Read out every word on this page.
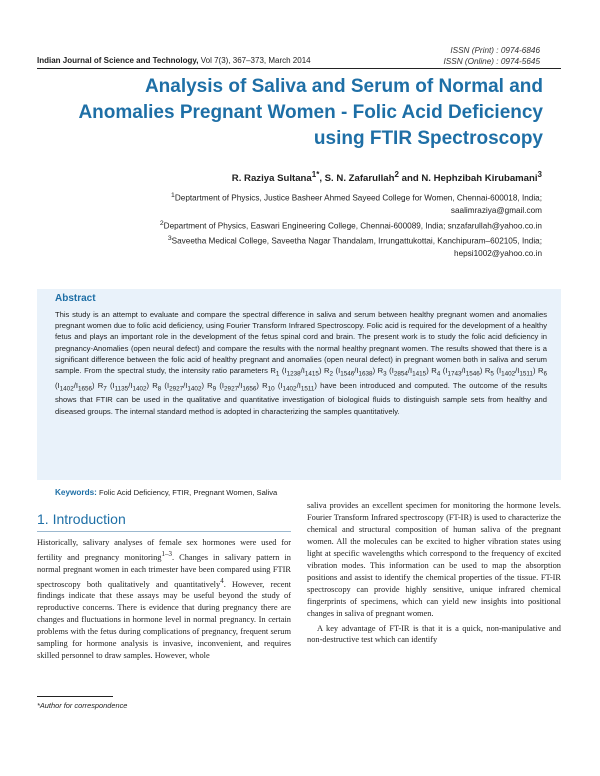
ISSN (Print) : 0974-6846
ISSN (Online) : 0974-5645
Indian Journal of Science and Technology, Vol 7(3), 367–373, March 2014
Analysis of Saliva and Serum of Normal and
Anomalies Pregnant Women - Folic Acid Deficiency
using FTIR Spectroscopy
R. Raziya Sultana$^{1*}$, S. N. Zafarullah$^2$ and N. Hephzibah Kirubamani$^3$
$^1$Deptartment of Physics, Justice Basheer Ahmed Sayeed College for Women, Chennai-600018, India;
saalimraziya@gmail.com
$^2$Department of Physics, Easwari Engineering College, Chennai-600089, India; snzafarullah@yahoo.co.in
$^3$Saveetha Medical College, Saveetha Nagar Thandalam, Irrungattukottai, Kanchipuram–602105, India;
hepsi1002@yahoo.co.in
Abstract
This study is an attempt to evaluate and compare the spectral difference in saliva and serum between healthy pregnant women and anomalies pregnant women due to folic acid deficiency, using Fourier Transform Infrared Spectroscopy. Folic acid is required for the development of a healthy fetus and plays an important role in the development of the fetus spinal cord and brain. The present work is to study the folic acid deficiency in pregnancy-Anomalies (open neural defect) and compare the results with the normal healthy pregnant women. The results showed that there is a significant difference between the folic acid of healthy pregnant and anomalies (open neural defect) in pregnant women both in saliva and serum sample. From the spectral study, the intensity ratio parameters $R_1$ $(I_{1238}/I_{1415})$ $R_2$ $(I_{1546}/I_{1638})$ $R_3$ $(I_{2854}/I_{1415})$ $R_4$ $(I_{1743}/I_{1546})$ $R_5$ $(I_{1402}/I_{1511})$ $R_6$ $(I_{1402}/I_{1656})$ $R_7$ $(I_{1135}/I_{1402})$ $R_8$ $(I_{2927}/I_{1402})$ $R_9$ $(I_{2927}/I_{1656})$ $R_{10}$ $(I_{1402}/I_{1511})$ have been introduced and computed. The outcome of the results shows that FTIR can be used in the qualitative and quantitative investigation of biological fluids to distinguish sample sets from healthy and diseased groups. The internal standard method is adopted in characterizing the samples quantitatively.
Keywords: Folic Acid Deficiency, FTIR, Pregnant Women, Saliva
1. Introduction

Historically, salivary analyses of female sex hormones were used for fertility and pregnancy monitoring$^{1-3}$. Changes in salivary pattern in normal pregnant women in each trimester have been compared using FTIR spectroscopy both qualitatively and quantitatively$^4$. However, recent findings indicate that these assays may be useful beyond the study of reproductive concerns. There is evidence that during pregnancy there are changes and fluctuations in hormone level in normal pregnancy. In certain problems with the fetus during complications of pregnancy, frequent serum sampling for hormone analysis is invasive, inconvenient, and requires skilled personnel to draw samples. However, whole

saliva provides an excellent specimen for monitoring the hormone levels. Fourier Transform Infrared spectroscopy (FT-IR) is used to characterize the chemical and structural composition of human saliva of the pregnant women. All the molecules can be excited to higher vibration states using light at specific wavelengths which correspond to the frequency of excited vibration modes. This information can be used to map the absorption positions and assist to identify the chemical properties of the tissue. FT-IR spectroscopy can provide highly sensitive, unique infrared chemical fingerprints of specimens, which can yield new insights into positional changes in saliva of pregnant women.

A key advantage of FT-IR is that it is a quick, non-manipulative and non-destructive test which can identify

*Author for correspondence
